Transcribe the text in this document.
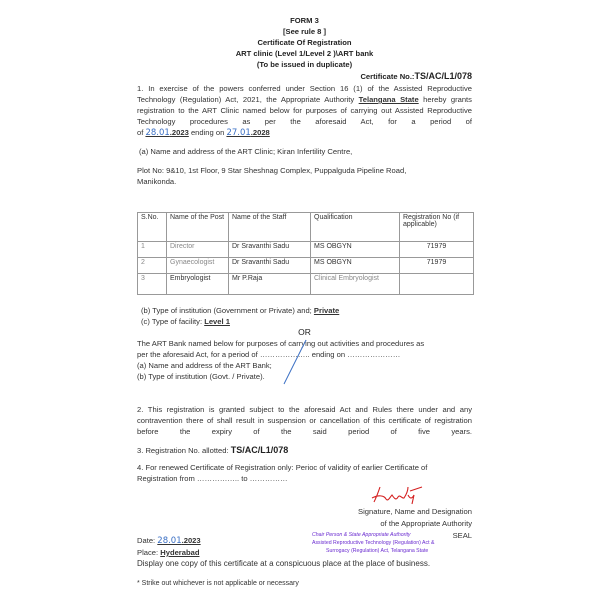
FORM 3
[See rule 8 ]
Certificate Of Registration
ART clinic (Level 1/Level 2 )\ART bank
(To be issued in duplicate)
Certificate No.:TS/AC/L1/078
1. In exercise of the powers conferred under Section 16 (1) of the Assisted Reproductive Technology (Regulation) Act, 2021, the Appropriate Authority Telangana State hereby grants registration to the ART Clinic named below for purposes of carrying out Assisted Reproductive Technology procedures as per the aforesaid Act, for a period of
of 28.01.2023 ending on 27.01.2028
(a) Name and address of the ART Clinic; Kiran Infertility Centre,
Plot No: 9&10, 1st Floor, 9 Star Sheshnag Complex, Puppalguda Pipeline Road,
Manikonda.
S.No.	Name of the Post	Name of the Staff	Qualification	Registration No (if applicable)
1	Director	Dr Sravanthi Sadu	MS OBGYN	71979
2	Gynaecologist	Dr Sravanthi Sadu	MS OBGYN	71979
3	Embryologist	Mr P.Raja	Clinical Embryologist	
(b) Type of institution (Government or Private) and; Private
(c) Type of facility: Level 1
OR
The ART Bank named below for purposes of carrying out activities and procedures as
per the aforesaid Act, for a period of ……………….. ending on …………………
(a) Name and address of the ART Bank;
(b) Type of institution (Govt. / Private).
2. This registration is granted subject to the aforesaid Act and Rules there under and any contravention there of shall result in suspension or cancellation of this certificate of registration before the expiry of the said period of five years.
3. Registration No. allotted: TS/AC/L1/078
4. For renewed Certificate of Registration only: Perioc of validity of earlier Certificate of
Registration from …………….. to ……………
Signature, Name and Designation
of the Appropriate Authority
SEAL
Chair Person & State Appropriate Authority
Assisted Reproductive Technology (Regulation) Act &
Surrogacy (Regulation) Act, Telangana State
Date: 28.01.2023
Place: Hyderabad
Display one copy of this certificate at a conspicuous place at the place of business.
* Strike out whichever is not applicable or necessary
